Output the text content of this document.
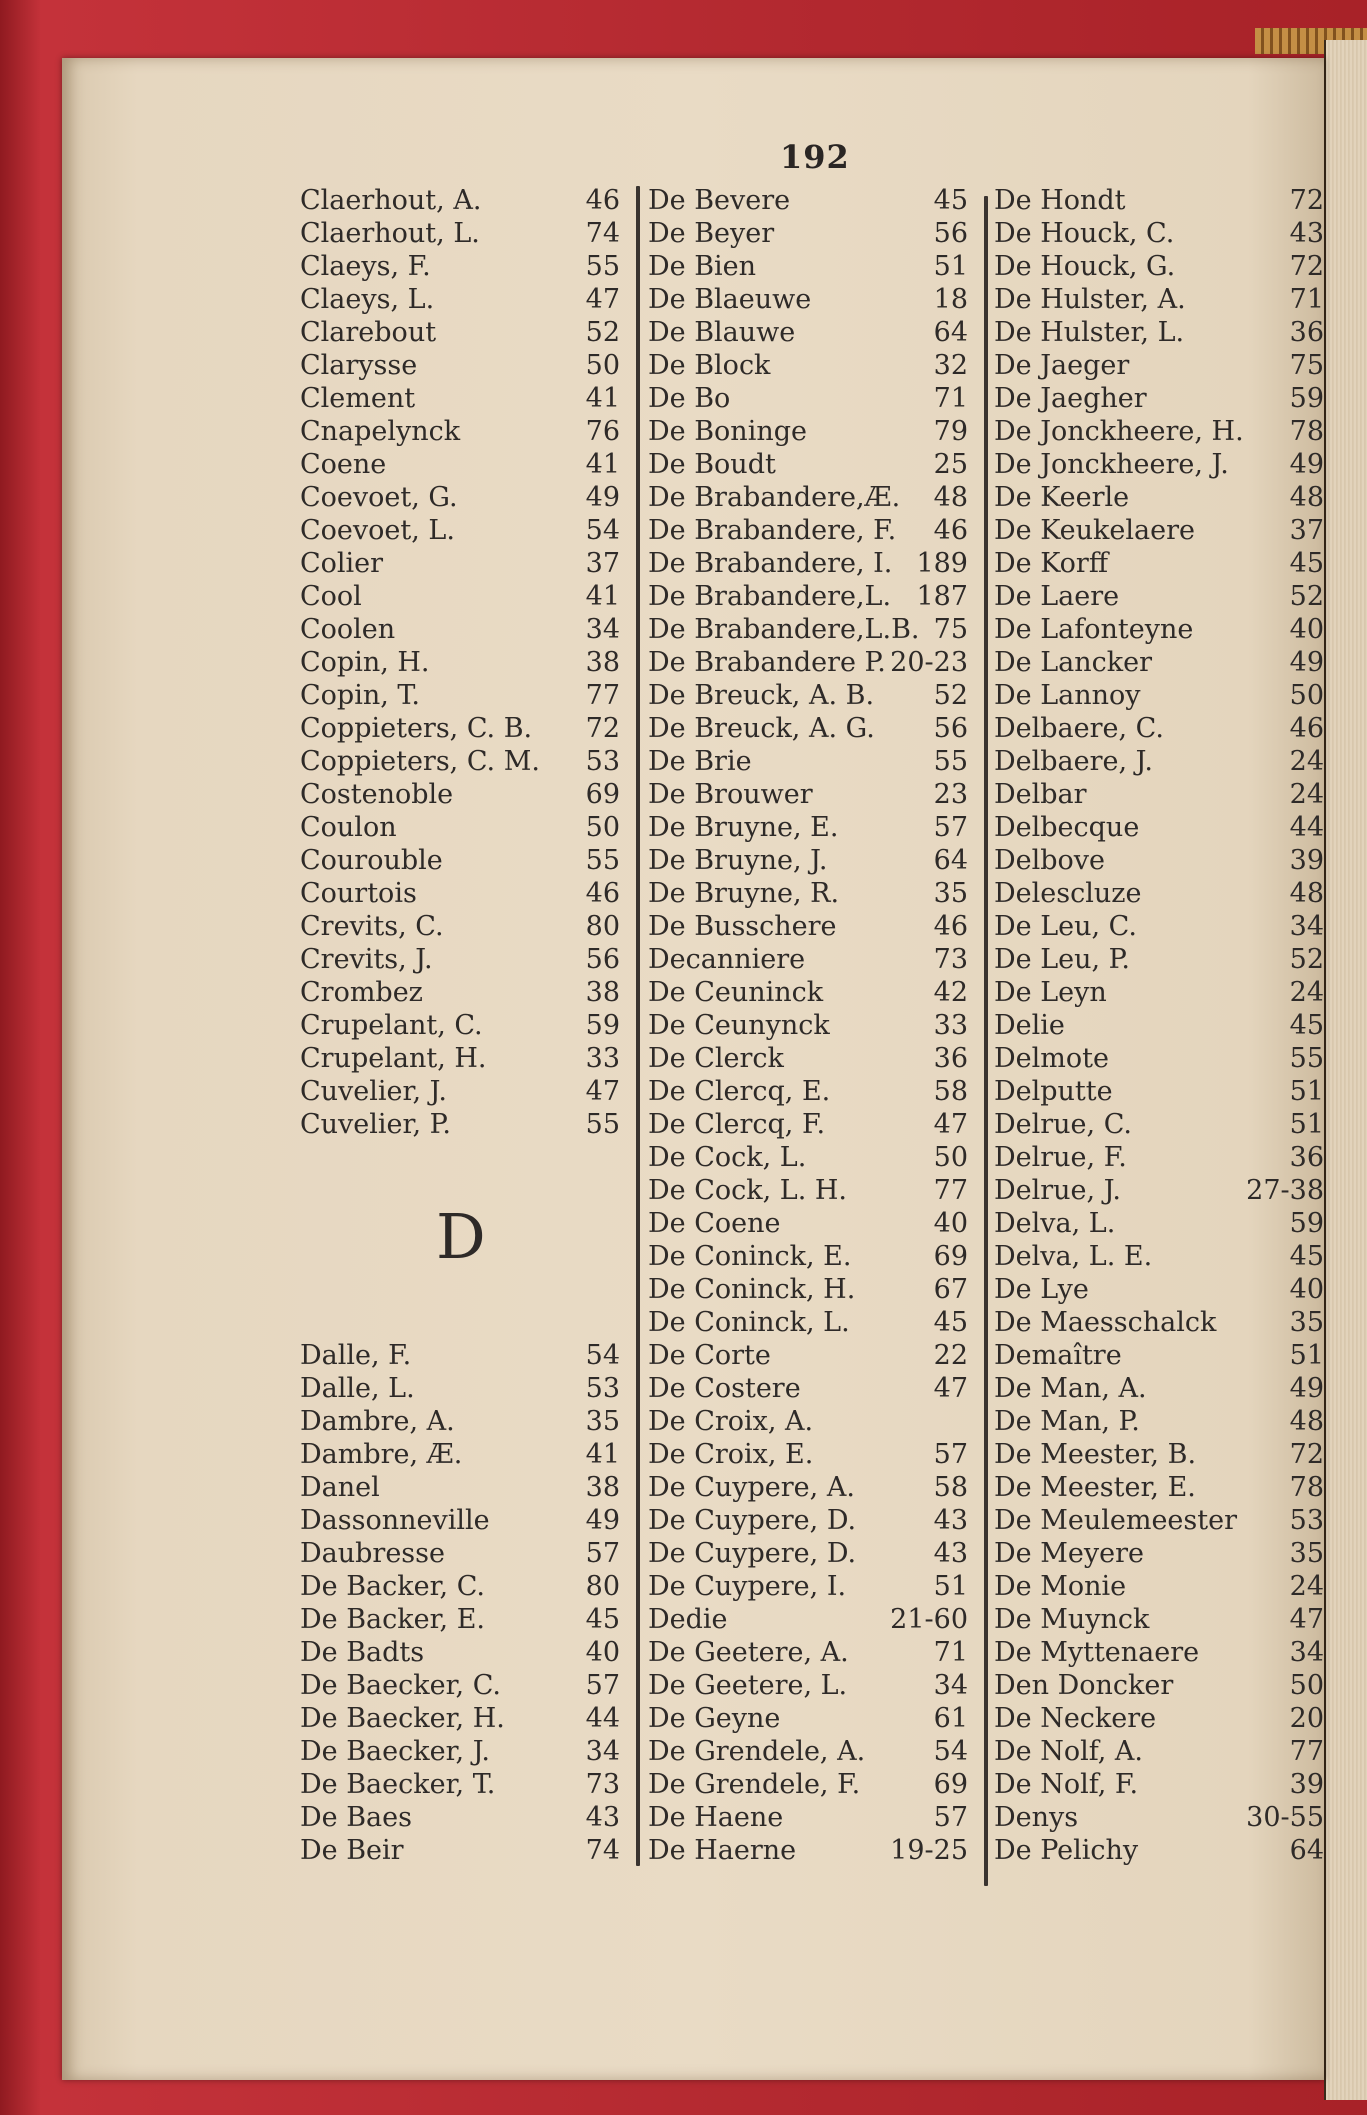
192
D
Claerhout, A.	46
Claerhout, L.	74
Claeys, F.	55
Claeys, L.	47
Clarebout	52
Clarysse	50
Clement	41
Cnapelynck	76
Coene	41
Coevoet, G.	49
Coevoet, L.	54
Colier	37
Cool	41
Coolen	34
Copin, H.	38
Copin, T.	77
Coppieters, C. B. 72
Coppieters, C. M. 53
Costenoble	69
Coulon	50
Courouble	55
Courtois	46
Crevits, C.	80
Crevits, J.	56
Crombez	38
Crupelant, C.	59
Crupelant, H.	33
Cuvelier, J.	47
Cuvelier, P.	55
Dalle, F.	54
Dalle, L.	53
Dambre, A.	35
Dambre, Æ.	41
Danel	38
Dassonneville	49
Daubresse	57
De Backer, C.	80
De Backer, E.	45
De Badts	40
De Baecker, C.	57
De Baecker, H.	44
De Baecker, J.	34
De Baecker, T.	73
De Baes	43
De Beir	74
De Bevere	45
De Beyer	56
De Bien	51
De Blaeuwe	18
De Blauwe	64
De Block	32
De Bo	71
De Boninge	79
De Boudt	25
De Brabandere,Æ. 48
De Brabandere, F. 46
De Brabandere, I. 189
De Brabandere,L. 187
De Brabandere,L.B. 75
De Brabandere P. 20-23
De Breuck, A. B. 52
De Breuck, A. G. 56
De Brie	55
De Brouwer	23
De Bruyne, E.	57
De Bruyne, J.	64
De Bruyne, R.	35
De Busschere	46
Decanniere	73
De Ceuninck	42
De Ceunynck	33
De Clerck	36
De Clercq, E.	58
De Clercq, F.	47
De Cock, L.	50
De Cock, L. H.	77
De Coene	40
De Coninck, E.	69
De Coninck, H.	67
De Coninck, L.	45
De Corte	22
De Costere	47
De Croix, A.
De Croix, E.	57
De Cuypere, A.	58
De Cuypere, D.	43
De Cuypere, D.	43
De Cuypere, I.	51
Dedie	21-60
De Geetere, A.	71
De Geetere, L.	34
De Geyne	61
De Grendele, A.	54
De Grendele, F.	69
De Haene	57
De Haerne	19-25
De Hondt	72
De Houck, C.	43
De Houck, G.	72
De Hulster, A.	71
De Hulster, L.	36
De Jaeger	75
De Jaegher	59
De Jonckheere, H. 78
De Jonckheere, J. 49
De Keerle	48
De Keukelaere	37
De Korff	45
De Laere	52
De Lafonteyne	40
De Lancker	49
De Lannoy	50
Delbaere, C.	46
Delbaere, J.	24
Delbar	24
Delbecque	44
Delbove	39
Delescluze	48
De Leu, C.	34
De Leu, P.	52
De Leyn	24
Delie	45
Delmote	55
Delputte	51
Delrue, C.	51
Delrue, F.	36
Delrue, J.	27-38
Delva, L.	59
Delva, L. E.	45
De Lye	40
De Maesschalck	35
Demaître	51
De Man, A.	49
De Man, P.	48
De Meester, B.	72
De Meester, E.	78
De Meulemeester 53
De Meyere	35
De Monie	24
De Muynck	47
De Myttenaere	34
Den Doncker	50
De Neckere	20
De Nolf, A.	77
De Nolf, F.	39
Denys	30-55
De Pelichy	64
